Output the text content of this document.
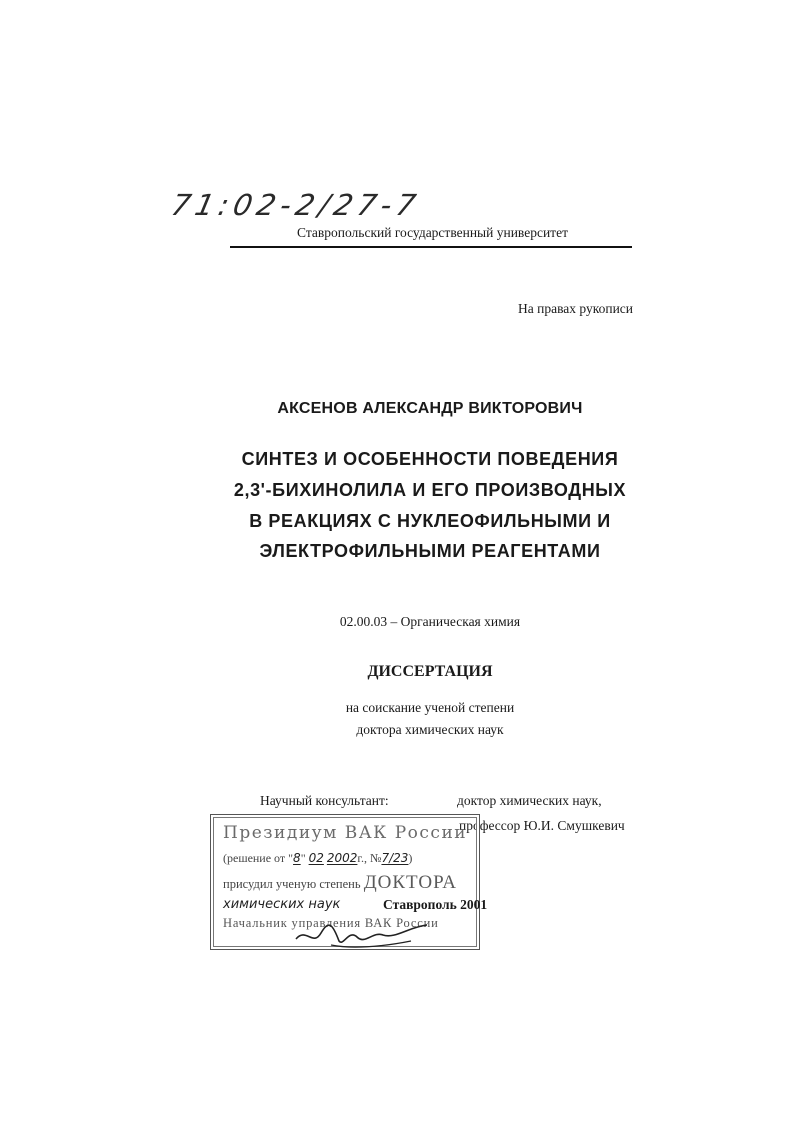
71:02-2/27-7
Ставропольский государственный университет
На правах рукописи
АКСЕНОВ АЛЕКСАНДР ВИКТОРОВИЧ
СИНТЕЗ И ОСОБЕННОСТИ ПОВЕДЕНИЯ
2,3'-БИХИНОЛИЛА И ЕГО ПРОИЗВОДНЫХ
В РЕАКЦИЯХ С НУКЛЕОФИЛЬНЫМИ И
ЭЛЕКТРОФИЛЬНЫМИ РЕАГЕНТАМИ
02.00.03 – Органическая химия
ДИССЕРТАЦИЯ
на соискание ученой степени
доктора химических наук
Научный консультант:	доктор химических наук,
профессор Ю.И. Смушкевич
Президиум ВАК России
(решение от "8" 02 2002г., №7/23)
присудил ученую степень ДОКТОРА
химических наук
Начальник управления ВАК России
Ставрополь 2001
